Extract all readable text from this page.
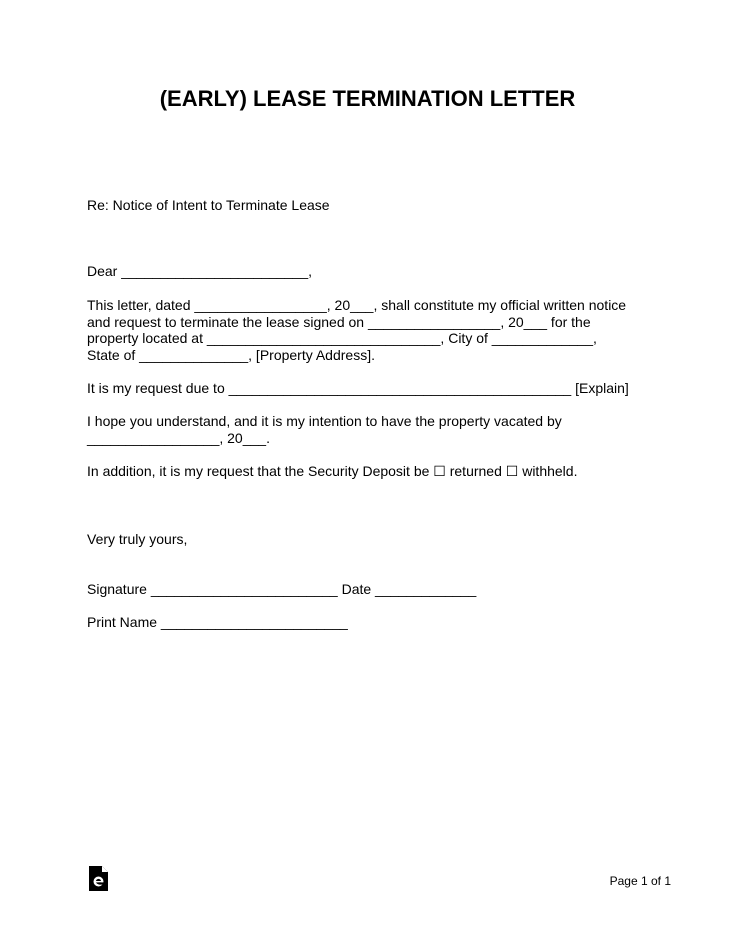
(EARLY) LEASE TERMINATION LETTER
Re: Notice of Intent to Terminate Lease
Dear ________________________,
This letter, dated _________________, 20___, shall constitute my official written notice
and request to terminate the lease signed on _________________, 20___ for the
property located at ______________________________, City of _____________,
State of ______________, [Property Address].
It is my request due to ____________________________________________ [Explain]
I hope you understand, and it is my intention to have the property vacated by
_________________, 20___.
In addition, it is my request that the Security Deposit be ☐ returned ☐ withheld.
Very truly yours,
Signature ________________________ Date _____________
Print Name ________________________
Page 1 of 1
